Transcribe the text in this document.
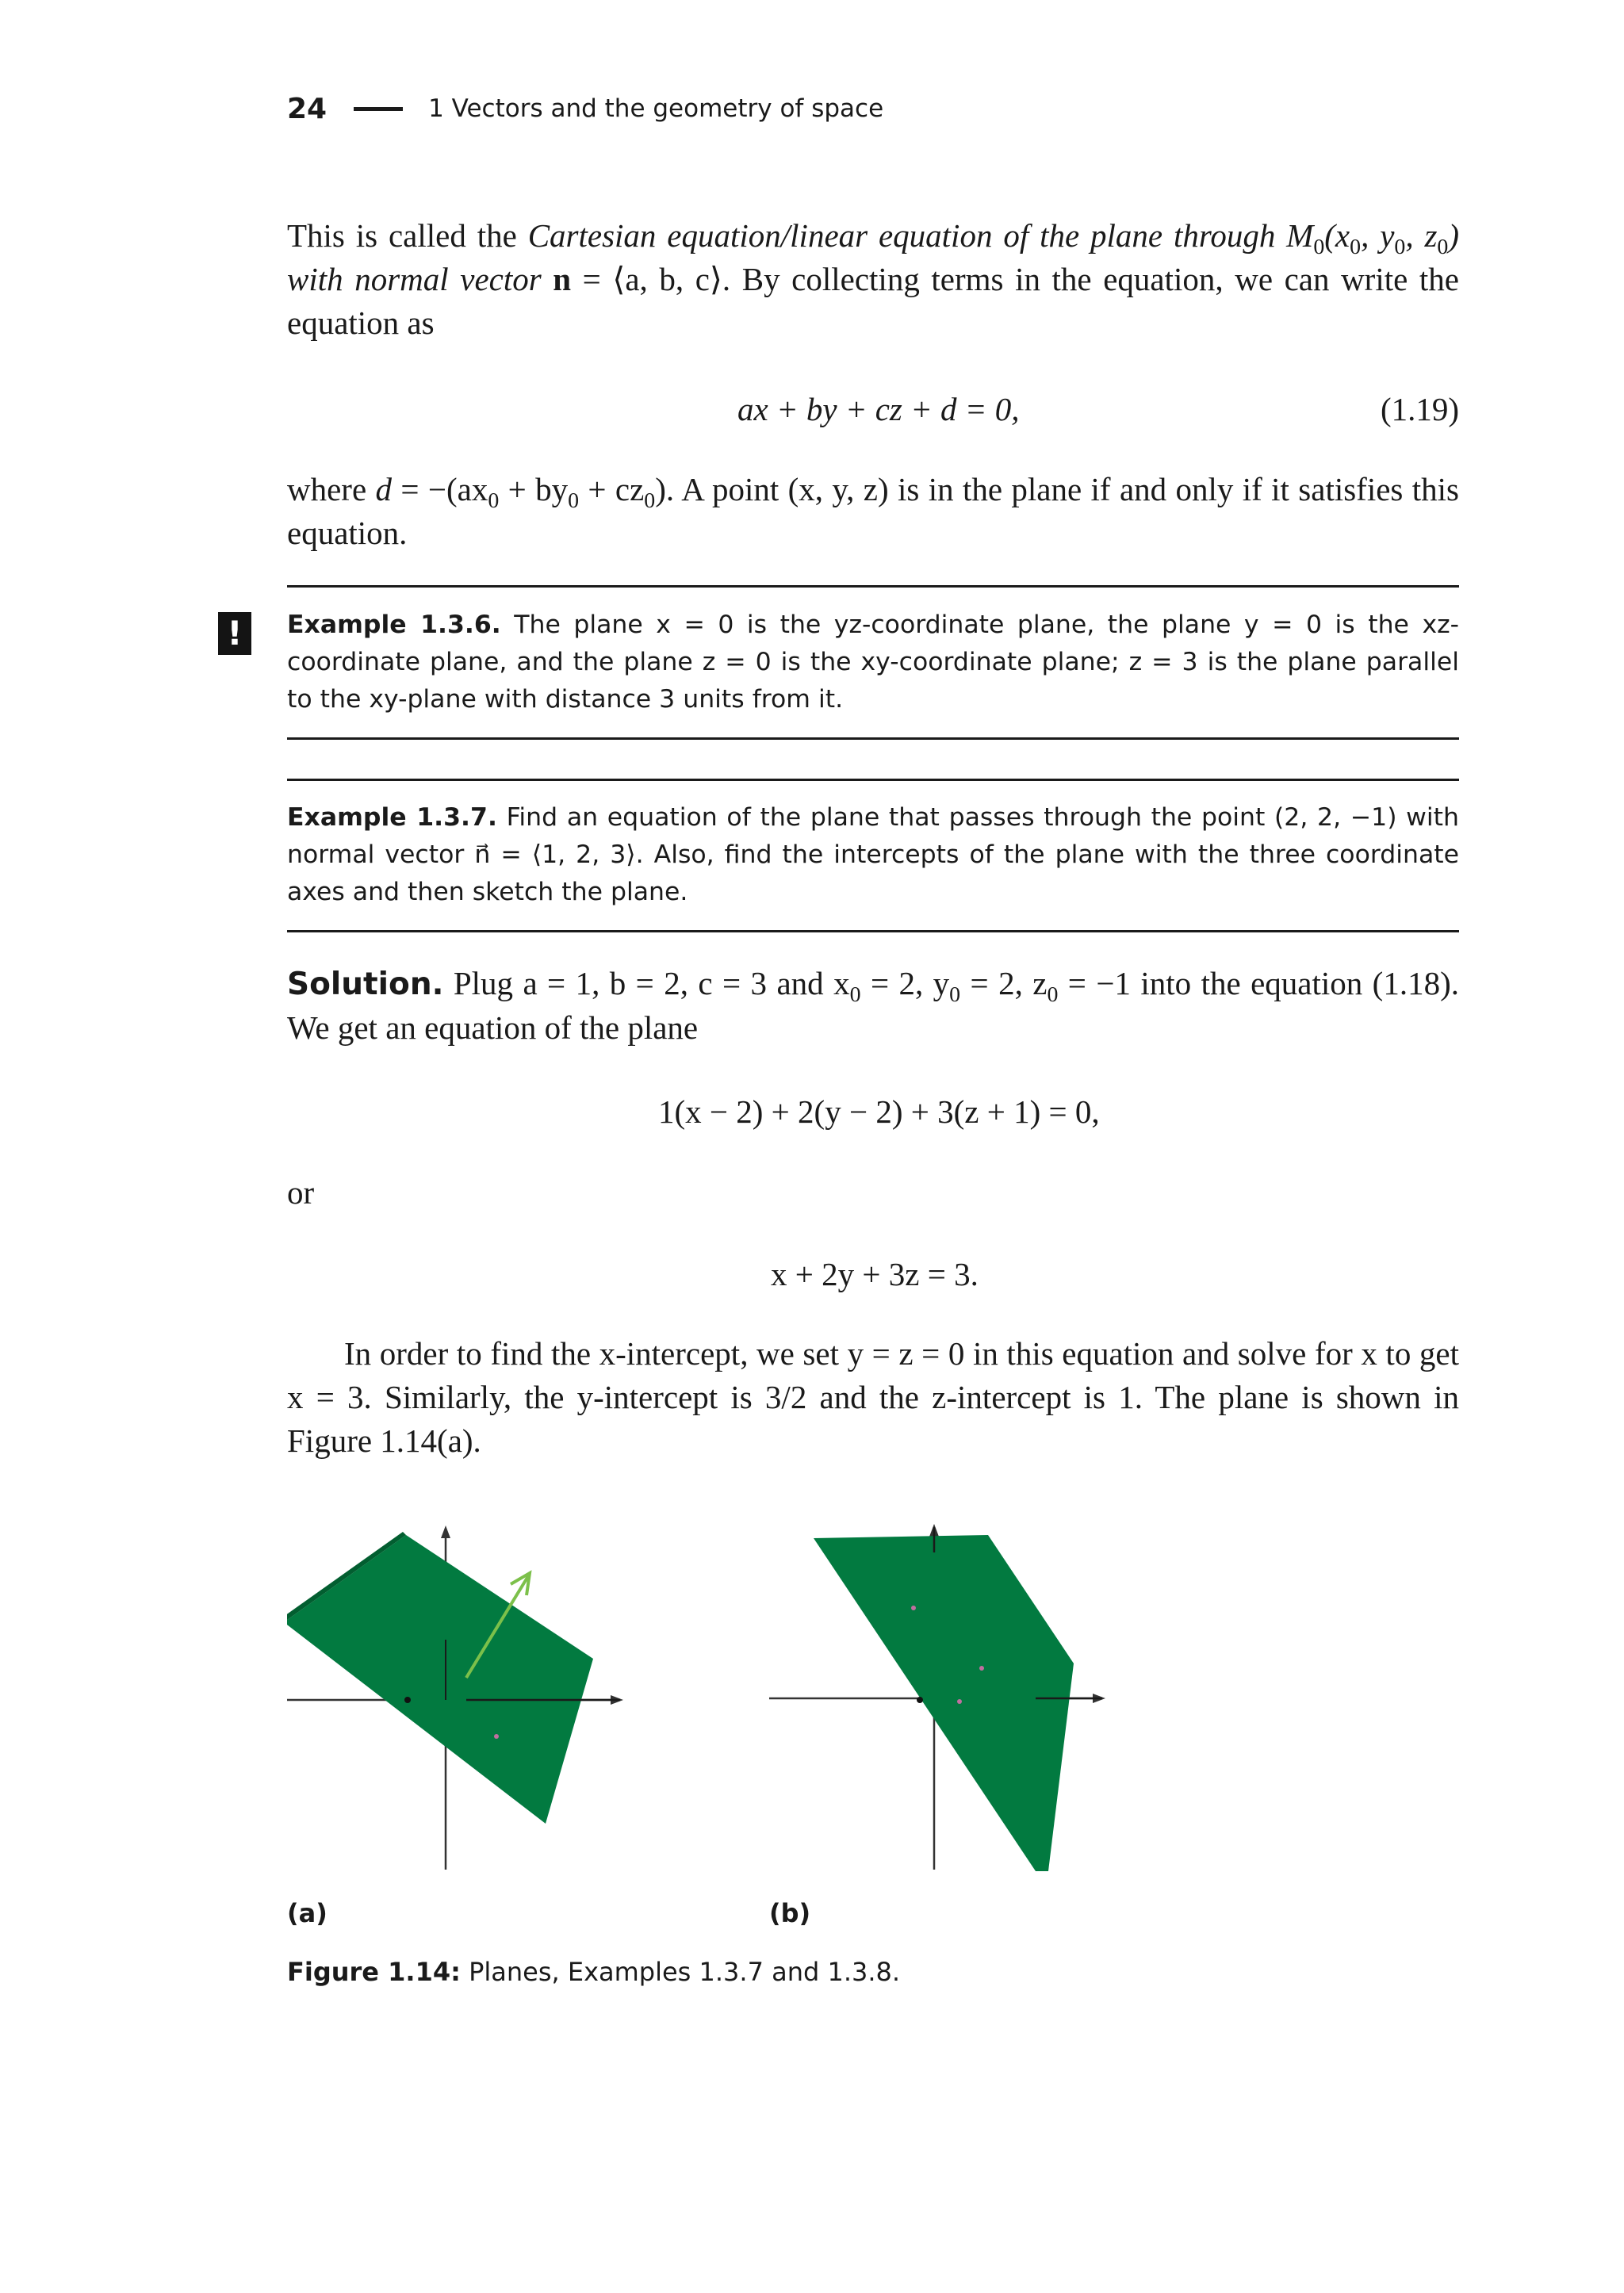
24	1 Vectors and the geometry of space
This is called the Cartesian equation/linear equation of the plane through $M_0(x_0$, $y_0$, $z_0$) with normal vector n = ⟨a, b, c⟩. By collecting terms in the equation, we can write the equation as
ax + by + cz + d = 0,	(1.19)
where $d = -(ax_0 + by_0 + cz_0)$. A point (x, y, z) is in the plane if and only if it satisfies this equation.
!	Example 1.3.6. The plane x = 0 is the yz-coordinate plane, the plane y = 0 is the xz-coordinate plane, and the plane z = 0 is the xy-coordinate plane; z = 3 is the plane parallel to the xy-plane with distance 3 units from it.
Example 1.3.7. Find an equation of the plane that passes through the point (2, 2, −1) with normal vector n⃗ = ⟨1, 2, 3⟩. Also, find the intercepts of the plane with the three coordinate axes and then sketch the plane.
Solution. Plug a = 1, b = 2, c = 3 and $x_0 = 2$, $y_0 = 2$, $z_0 = -1$ into the equation (1.18). We get an equation of the plane
1(x − 2) + 2(y − 2) + 3(z + 1) = 0,
or
x + 2y + 3z = 3.
In order to find the x-intercept, we set y = z = 0 in this equation and solve for x to get x = 3. Similarly, the y-intercept is 3/2 and the z-intercept is 1. The plane is shown in Figure 1.14(a).
(a)	(b)
Figure 1.14: Planes, Examples 1.3.7 and 1.3.8.
